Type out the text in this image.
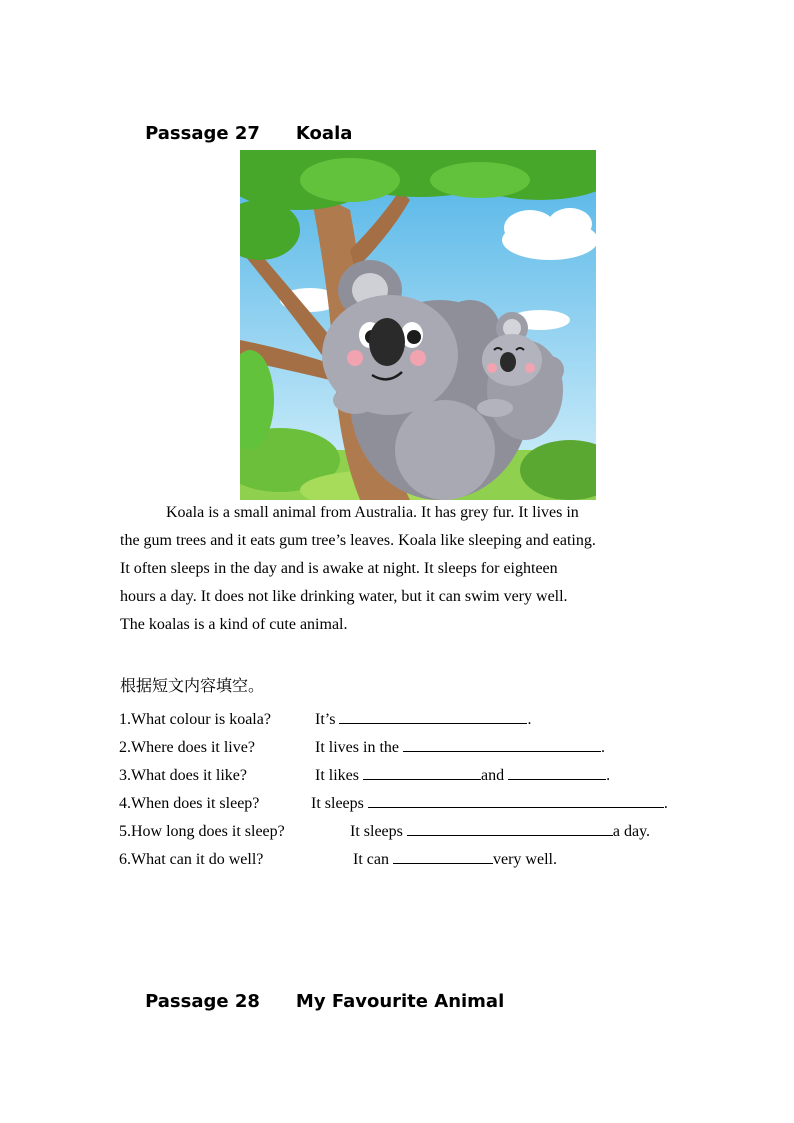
Passage 27 Koala

Koala is a small animal from Australia. It has grey fur. It lives in
the gum trees and it eats gum tree’s leaves. Koala like sleeping and eating.
It often sleeps in the day and is awake at night. It sleeps for eighteen
hours a day. It does not like drinking water, but it can swim very well.
The koalas is a kind of cute animal.
根据短文内容填空。
1.What colour is koala?	It’s	.
2.Where does it live?	It lives in the	.
3.What does it like?	It likes	and	.
4.When does it sleep?	It sleeps	.
5.How long does it sleep?	It sleeps	a day.
6.What can it do well?	It can	very well.

Passage 28 My Favourite Animal
